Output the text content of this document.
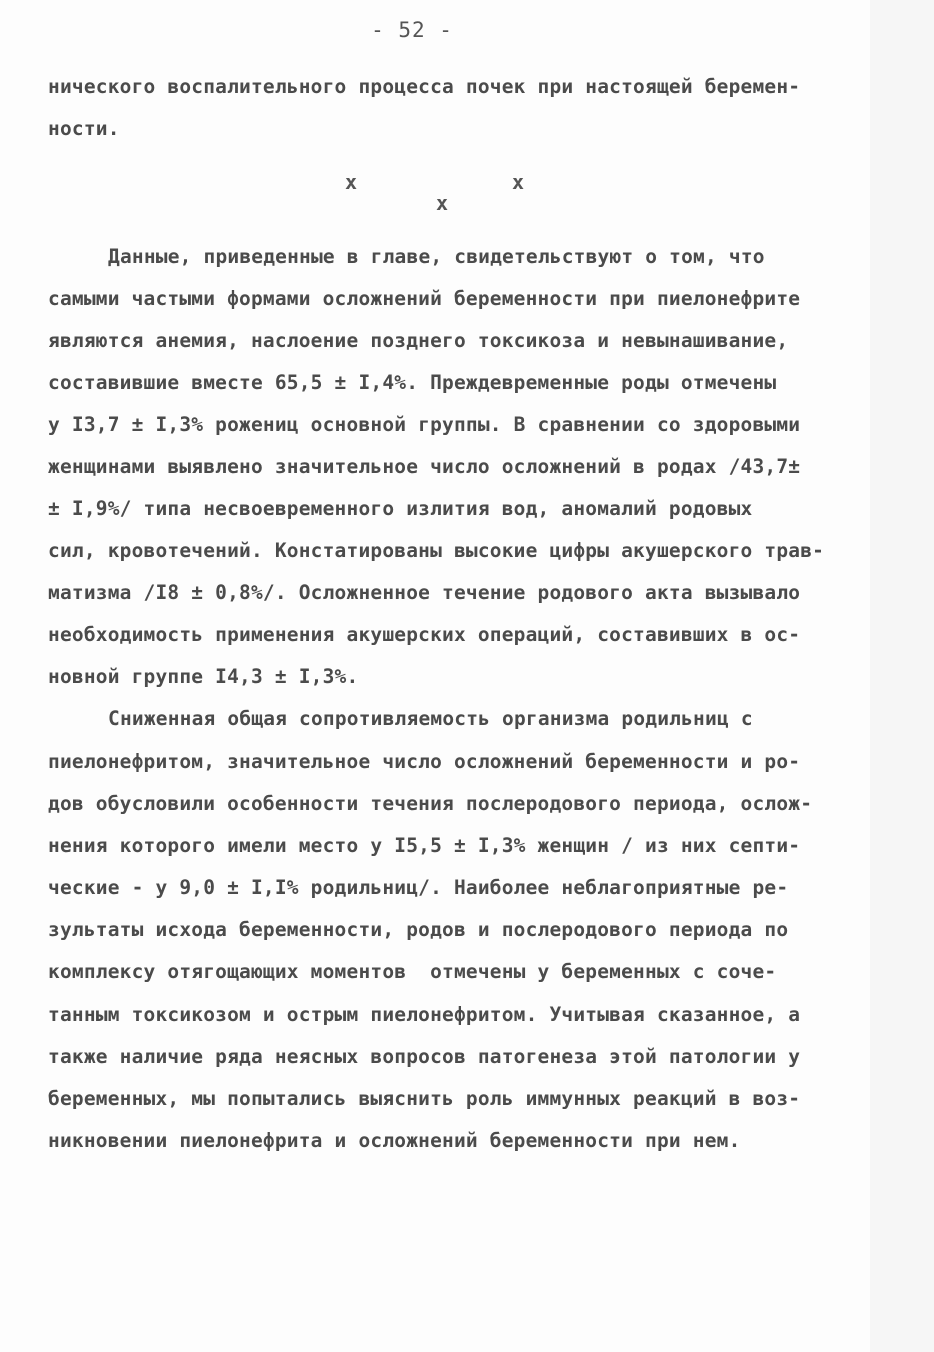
- 52 -
ническoго воспалительного процесса почек при настоящей беремен-
ности.
x	x
x
Данные, приведенные в главе, свидетельствуют о том, что
самыми частыми формами осложнений беременности при пиелонефрите
являются анемия, наслоение позднего токсикоза и невынашивание,
составившие вместе 65,5 ± I,4%. Преждевременные роды отмечены
у I3,7 ± I,3% рожениц основной группы. В сравнении со здоровыми
женщинами выявлено значительное число осложнений в родах /43,7±
± I,9%/ типа несвоевременного излития вод, аномалий родовых
сил, кровотечений. Констатированы высокие цифры акушерского трав-
матизма /I8 ± 0,8%/. Осложненное течение родового акта вызывало
необходимость применения акушерских операций, составивших в ос-
новной группе I4,3 ± I,3%.
Сниженная общая сопротивляемость организма родильниц с
пиелонефритом, значительное число осложнений беременности и ро-
дов обусловили особенности течения послеродового периода, ослож-
нения которого имели место у I5,5 ± I,3% женщин / из них септи-
ческие - у 9,0 ± I,I% родильниц/. Наиболее неблагоприятные ре-
зультаты исхода беременности, родов и послеродового периода по
комплексу отягощающих моментов  отмечены у беременных с соче-
танным токсикозом и острым пиелонефритом. Учитывая сказанное, а
также наличие ряда неясных вопросов патогенеза этой патологии у
беременных, мы попытались выяснить роль иммунных реакций в воз-
никновении пиелонефрита и осложнений беременности при нем.
